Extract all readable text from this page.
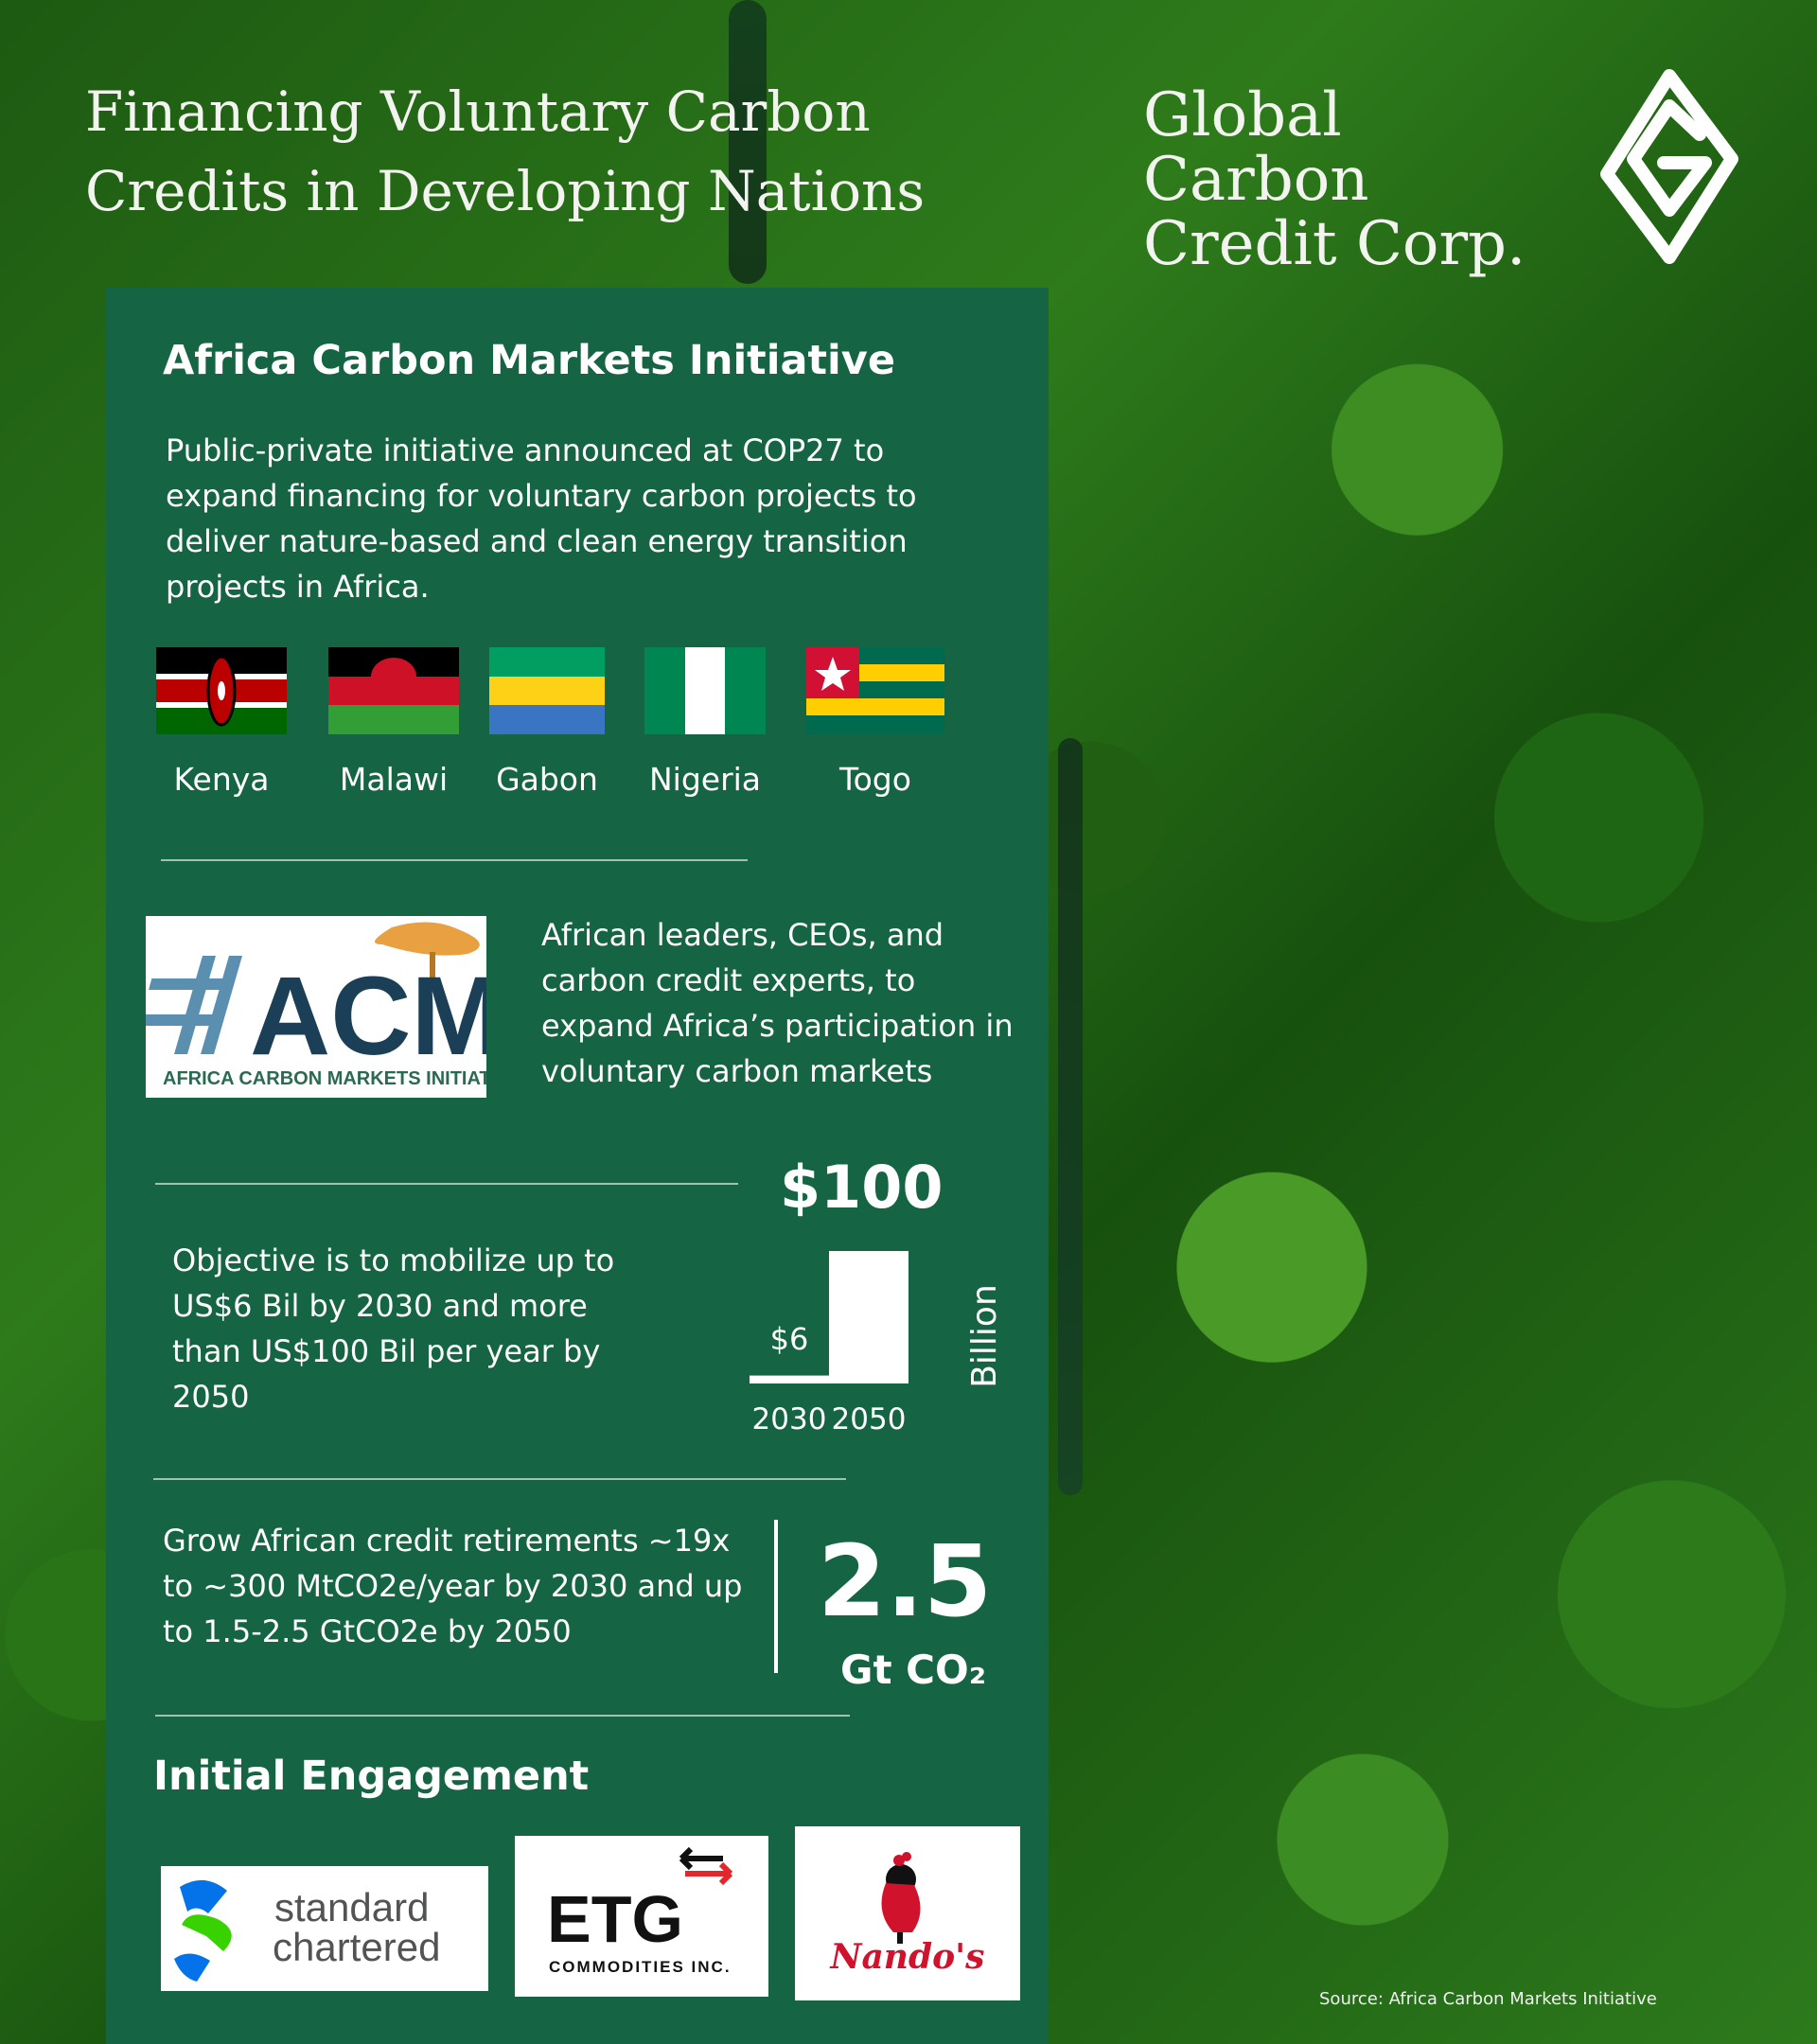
Financing Voluntary Carbon
Credits in Developing Nations
Global Carbon
Credit Corp.
Africa Carbon Markets Initiative
Public-private initiative announced at COP27 to expand financing for voluntary carbon projects to deliver nature-based and clean energy transition projects in Africa.
Kenya	Malawi	Gabon Nigeria	Togo
ACM
AFRICA CARBON MARKETS INITIATIVE
African leaders, CEOs, and carbon credit experts, to expand Africa’s participation in voluntary carbon markets
Objective is to mobilize up to US$6 Bil by 2030 and more than US$100 Bil per year by 2050
$100
2030 2050
$6	Billion
Grow African credit retirements ~19x to ~300 MtCO2e/year by 2030 and up to 1.5-2.5 GtCO2e by 2050	2.5
Gt CO₂
Initial Engagement
standard
chartered ETG
COMMODITIES INC.	Nando's
Source: Africa Carbon Markets Initiative
